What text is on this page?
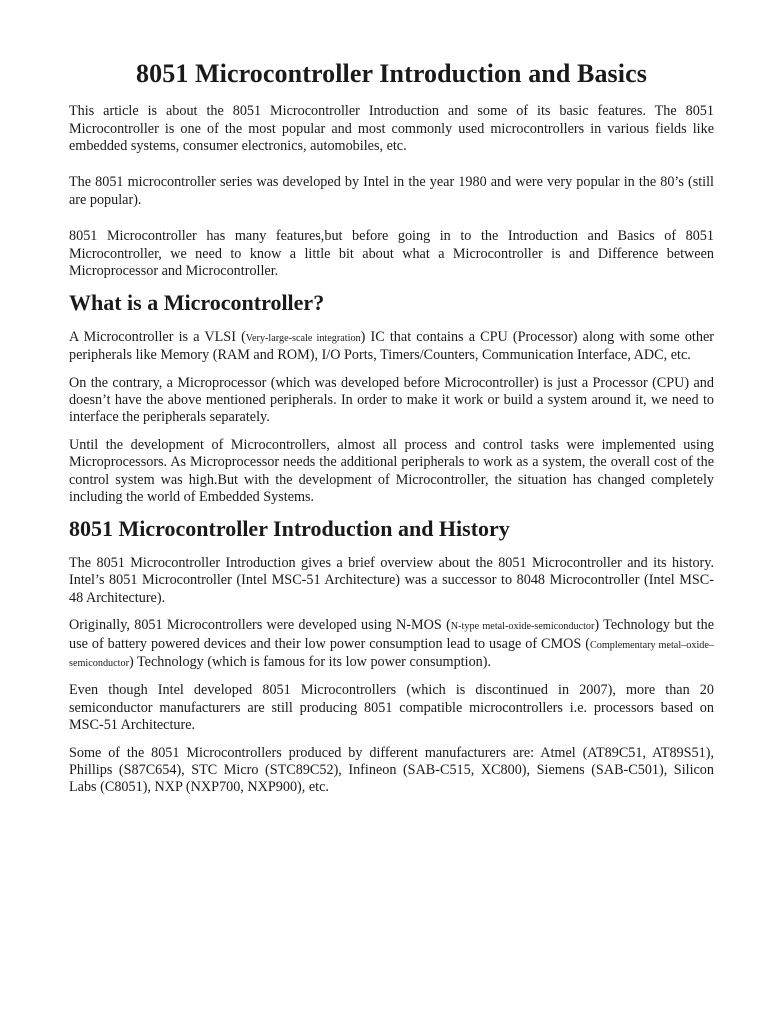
8051 Microcontroller Introduction and Basics

This article is about the 8051 Microcontroller Introduction and some of its basic features. The 8051 Microcontroller is one of the most popular and most commonly used microcontrollers in various fields like embedded systems, consumer electronics, automobiles, etc.

The 8051 microcontroller series was developed by Intel in the year 1980 and were very popular in the 80’s (still are popular).

8051 Microcontroller has many features,but before going in to the Introduction and Basics of 8051 Microcontroller, we need to know a little bit about what a Microcontroller is and Difference between Microprocessor and Microcontroller.

What is a Microcontroller?

A Microcontroller is a VLSI (Very-large-scale integration) IC that contains a CPU (Processor) along with some other peripherals like Memory (RAM and ROM), I/O Ports, Timers/Counters, Communication Interface, ADC, etc.

On the contrary, a Microprocessor (which was developed before Microcontroller) is just a Processor (CPU) and doesn’t have the above mentioned peripherals. In order to make it work or build a system around it, we need to interface the peripherals separately.

Until the development of Microcontrollers, almost all process and control tasks were implemented using Microprocessors. As Microprocessor needs the additional peripherals to work as a system, the overall cost of the control system was high.But with the development of Microcontroller, the situation has changed completely including the world of Embedded Systems.

8051 Microcontroller Introduction and History

The 8051 Microcontroller Introduction gives a brief overview about the 8051 Microcontroller and its history. Intel’s 8051 Microcontroller (Intel MSC-51 Architecture) was a successor to 8048 Microcontroller (Intel MSC-48 Architecture).

Originally, 8051 Microcontrollers were developed using N-MOS (N-type metal-oxide-semiconductor) Technology but the use of battery powered devices and their low power consumption lead to usage of CMOS (Complementary metal–oxide–semiconductor) Technology (which is famous for its low power consumption).

Even though Intel developed 8051 Microcontrollers (which is discontinued in 2007), more than 20 semiconductor manufacturers are still producing 8051 compatible microcontrollers i.e. processors based on MSC-51 Architecture.

Some of the 8051 Microcontrollers produced by different manufacturers are: Atmel (AT89C51, AT89S51), Phillips (S87C654), STC Micro (STC89C52), Infineon (SAB-C515, XC800), Siemens (SAB-C501), Silicon Labs (C8051), NXP (NXP700, NXP900), etc.
